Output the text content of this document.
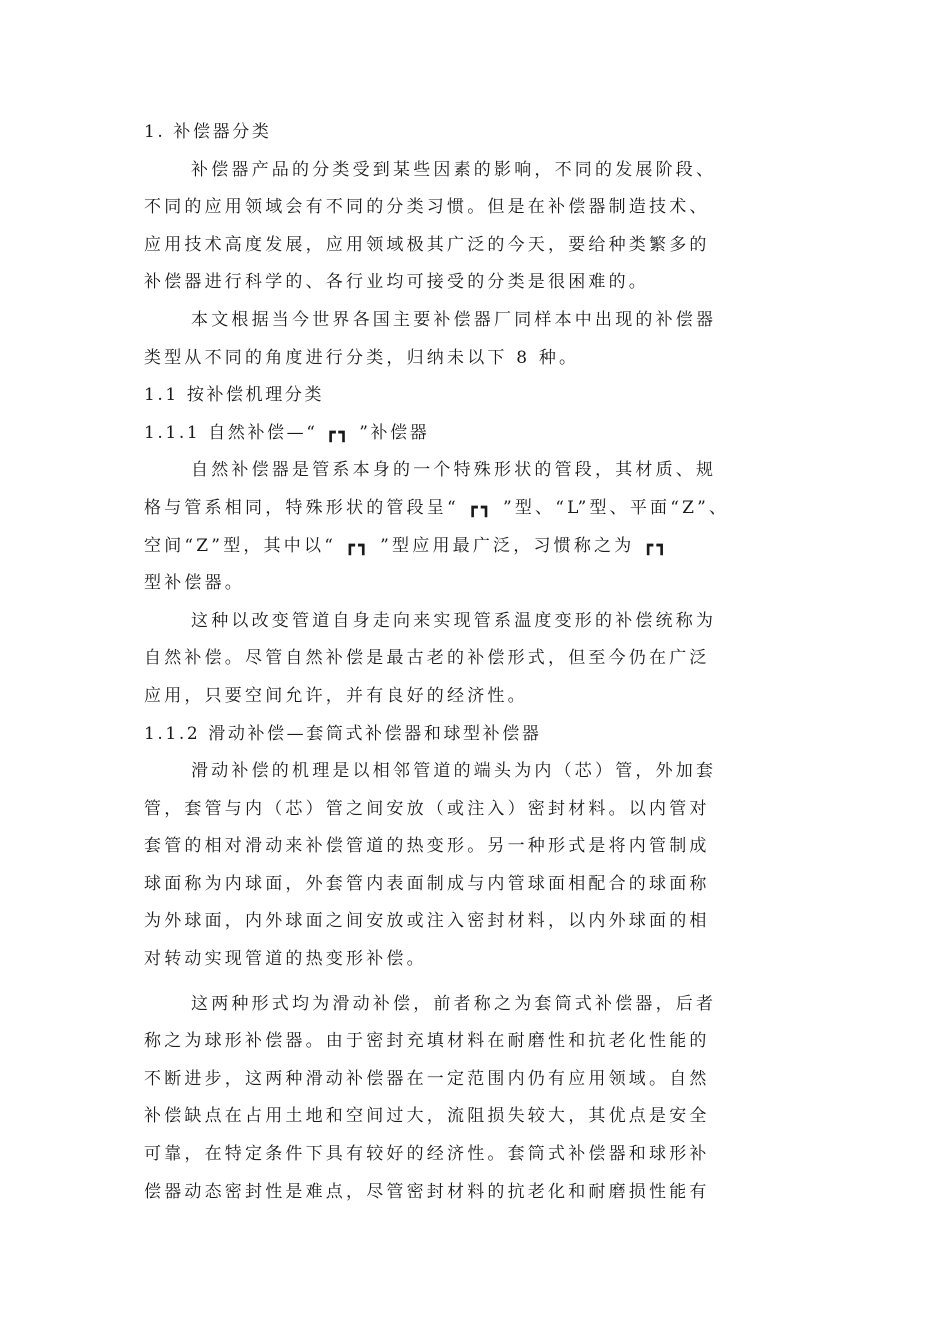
1. 补偿器分类
补偿器产品的分类受到某些因素的影响，不同的发展阶段、
不同的应用领域会有不同的分类习惯。但是在补偿器制造技术、
应用技术高度发展，应用领域极其广泛的今天，要给种类繁多的
补偿器进行科学的、各行业均可接受的分类是很困难的。
本文根据当今世界各国主要补偿器厂同样本中出现的补偿器
类型从不同的角度进行分类，归纳未以下 8 种。
1.1 按补偿机理分类
1.1.1 自然补偿—“ ┏┓ ”补偿器
自然补偿器是管系本身的一个特殊形状的管段，其材质、规
格与管系相同，特殊形状的管段呈“ ┏┓ ”型、“L”型、平面“Z”、
空间“Z”型，其中以“ ┏┓ ”型应用最广泛，习惯称之为 ┏┓
型补偿器。
这种以改变管道自身走向来实现管系温度变形的补偿统称为
自然补偿。尽管自然补偿是最古老的补偿形式，但至今仍在广泛
应用，只要空间允许，并有良好的经济性。
1.1.2 滑动补偿—套筒式补偿器和球型补偿器
滑动补偿的机理是以相邻管道的端头为内（芯）管，外加套
管，套管与内（芯）管之间安放（或注入）密封材料。以内管对
套管的相对滑动来补偿管道的热变形。另一种形式是将内管制成
球面称为内球面，外套管内表面制成与内管球面相配合的球面称
为外球面，内外球面之间安放或注入密封材料，以内外球面的相
对转动实现管道的热变形补偿。
这两种形式均为滑动补偿，前者称之为套筒式补偿器，后者
称之为球形补偿器。由于密封充填材料在耐磨性和抗老化性能的
不断进步，这两种滑动补偿器在一定范围内仍有应用领域。自然
补偿缺点在占用土地和空间过大，流阻损失较大，其优点是安全
可靠，在特定条件下具有较好的经济性。套筒式补偿器和球形补
偿器动态密封性是难点，尽管密封材料的抗老化和耐磨损性能有
